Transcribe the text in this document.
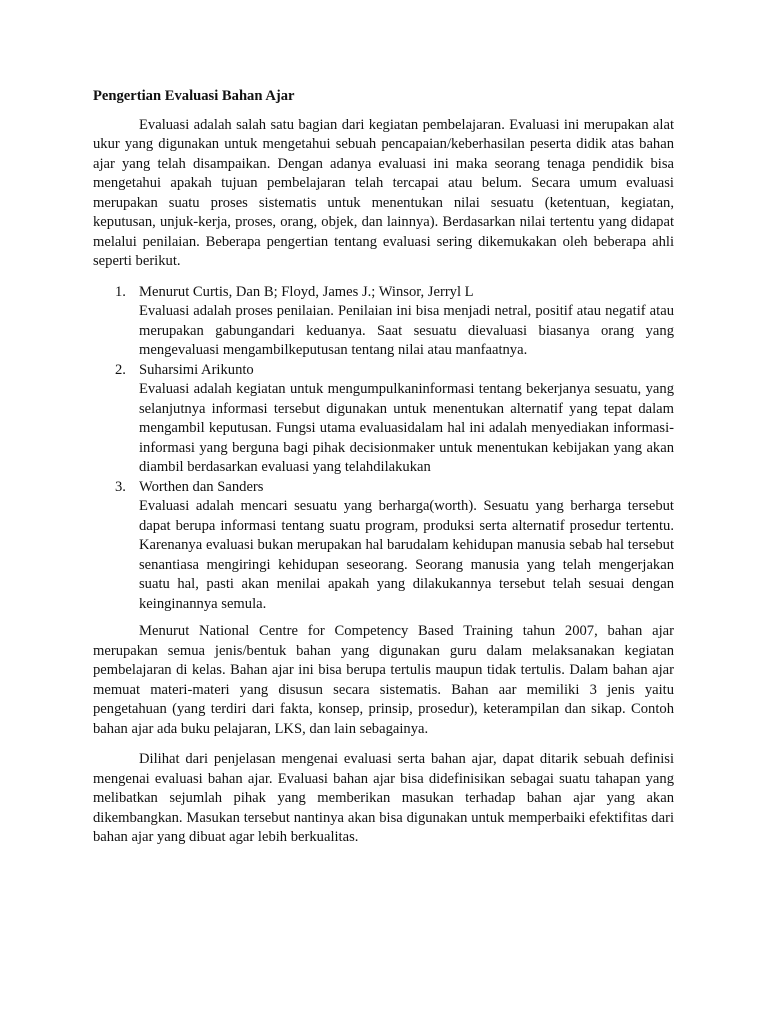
Pengertian Evaluasi Bahan Ajar

Evaluasi adalah salah satu bagian dari kegiatan pembelajaran. Evaluasi ini merupakan alat ukur yang digunakan untuk mengetahui sebuah pencapaian/keberhasilan peserta didik atas bahan ajar yang telah disampaikan. Dengan adanya evaluasi ini maka seorang tenaga pendidik bisa mengetahui apakah tujuan pembelajaran telah tercapai atau belum. Secara umum evaluasi merupakan suatu proses sistematis untuk menentukan nilai sesuatu (ketentuan, kegiatan, keputusan, unjuk-kerja, proses, orang, objek, dan lainnya). Berdasarkan nilai tertentu yang didapat melalui penilaian. Beberapa pengertian tentang evaluasi sering dikemukakan oleh beberapa ahli seperti berikut.

1. Menurut Curtis, Dan B; Floyd, James J.; Winsor, Jerryl L
Evaluasi adalah proses penilaian. Penilaian ini bisa menjadi netral, positif atau negatif atau merupakan gabungandari keduanya. Saat sesuatu dievaluasi biasanya orang yang mengevaluasi mengambilkeputusan tentang nilai atau manfaatnya.
2. Suharsimi Arikunto
Evaluasi adalah kegiatan untuk mengumpulkaninformasi tentang bekerjanya sesuatu, yang selanjutnya informasi tersebut digunakan untuk menentukan alternatif yang tepat dalam mengambil keputusan. Fungsi utama evaluasidalam hal ini adalah menyediakan informasi-informasi yang berguna bagi pihak decisionmaker untuk menentukan kebijakan yang akan diambil berdasarkan evaluasi yang telahdilakukan
3. Worthen dan Sanders
Evaluasi adalah mencari sesuatu yang berharga(worth). Sesuatu yang berharga tersebut dapat berupa informasi tentang suatu program, produksi serta alternatif prosedur tertentu. Karenanya evaluasi bukan merupakan hal barudalam kehidupan manusia sebab hal tersebut senantiasa mengiringi kehidupan seseorang. Seorang manusia yang telah mengerjakan suatu hal, pasti akan menilai apakah yang dilakukannya tersebut telah sesuai dengan keinginannya semula.

Menurut National Centre for Competency Based Training tahun 2007, bahan ajar merupakan semua jenis/bentuk bahan yang digunakan guru dalam melaksanakan kegiatan pembelajaran di kelas. Bahan ajar ini bisa berupa tertulis maupun tidak tertulis. Dalam bahan ajar memuat materi-materi yang disusun secara sistematis. Bahan aar memiliki 3 jenis yaitu pengetahuan (yang terdiri dari fakta, konsep, prinsip, prosedur), keterampilan dan sikap. Contoh bahan ajar ada buku pelajaran, LKS, dan lain sebagainya.

Dilihat dari penjelasan mengenai evaluasi serta bahan ajar, dapat ditarik sebuah definisi mengenai evaluasi bahan ajar. Evaluasi bahan ajar bisa didefinisikan sebagai suatu tahapan yang melibatkan sejumlah pihak yang memberikan masukan terhadap bahan ajar yang akan dikembangkan. Masukan tersebut nantinya akan bisa digunakan untuk memperbaiki efektifitas dari bahan ajar yang dibuat agar lebih berkualitas.
